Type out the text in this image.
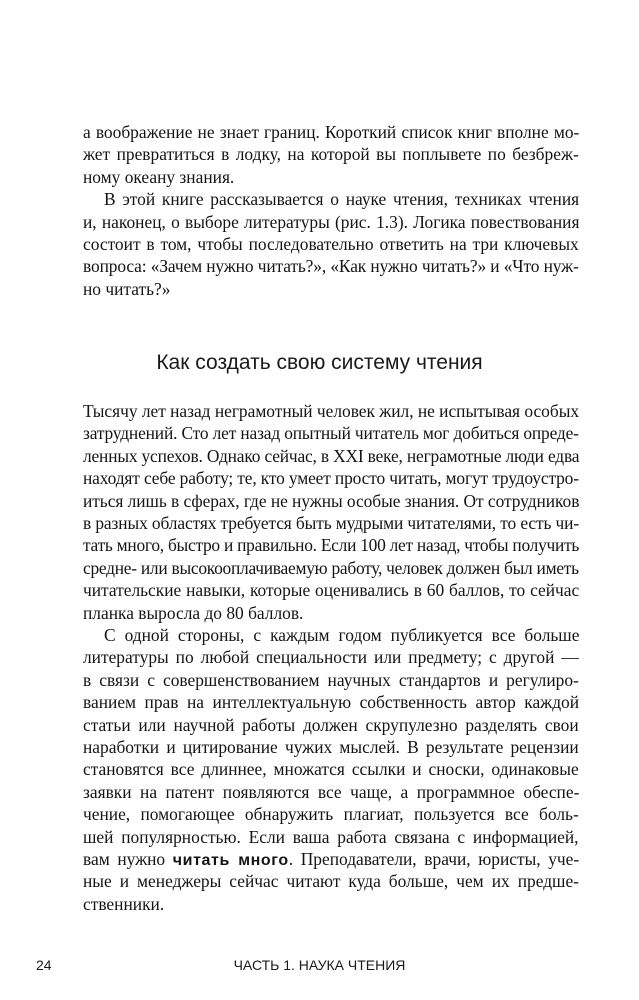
а воображение не знает границ. Короткий список книг вполне мо-
жет превратиться в лодку, на которой вы поплывете по безбреж-
ному океану знания.
В этой книге рассказывается о науке чтения, техниках чтения
и, наконец, о выборе литературы (рис. 1.3). Логика повествования
состоит в том, чтобы последовательно ответить на три ключевых
вопроса: «Зачем нужно читать?», «Как нужно читать?» и «Что нуж-
но читать?»
Как создать свою систему чтения
Тысячу лет назад неграмотный человек жил, не испытывая особых
затруднений. Сто лет назад опытный читатель мог добиться опреде-
ленных успехов. Однако сейчас, в XXI веке, неграмотные люди едва
находят себе работу; те, кто умеет просто читать, могут трудоустро-
иться лишь в сферах, где не нужны особые знания. От сотрудников
в разных областях требуется быть мудрыми читателями, то есть чи-
тать много, быстро и правильно. Если 100 лет назад, чтобы получить
средне- или высокооплачиваемую работу, человек должен был иметь
читательские навыки, которые оценивались в 60 баллов, то сейчас
планка выросла до 80 баллов.
С одной стороны, с каждым годом публикуется все больше
литературы по любой специальности или предмету; с другой —
в связи с совершенствованием научных стандартов и регулиро-
ванием прав на интеллектуальную собственность автор каждой
статьи или научной работы должен скрупулезно разделять свои
наработки и цитирование чужих мыслей. В результате рецензии
становятся все длиннее, множатся ссылки и сноски, одинаковые
заявки на патент появляются все чаще, а программное обеспе-
чение, помогающее обнаружить плагиат, пользуется все боль-
шей популярностью. Если ваша работа связана с информацией,
вам нужно читать много. Преподаватели, врачи, юристы, уче-
ные и менеджеры сейчас читают куда больше, чем их предше-
ственники.
24	ЧАСТЬ 1. НАУКА ЧТЕНИЯ
